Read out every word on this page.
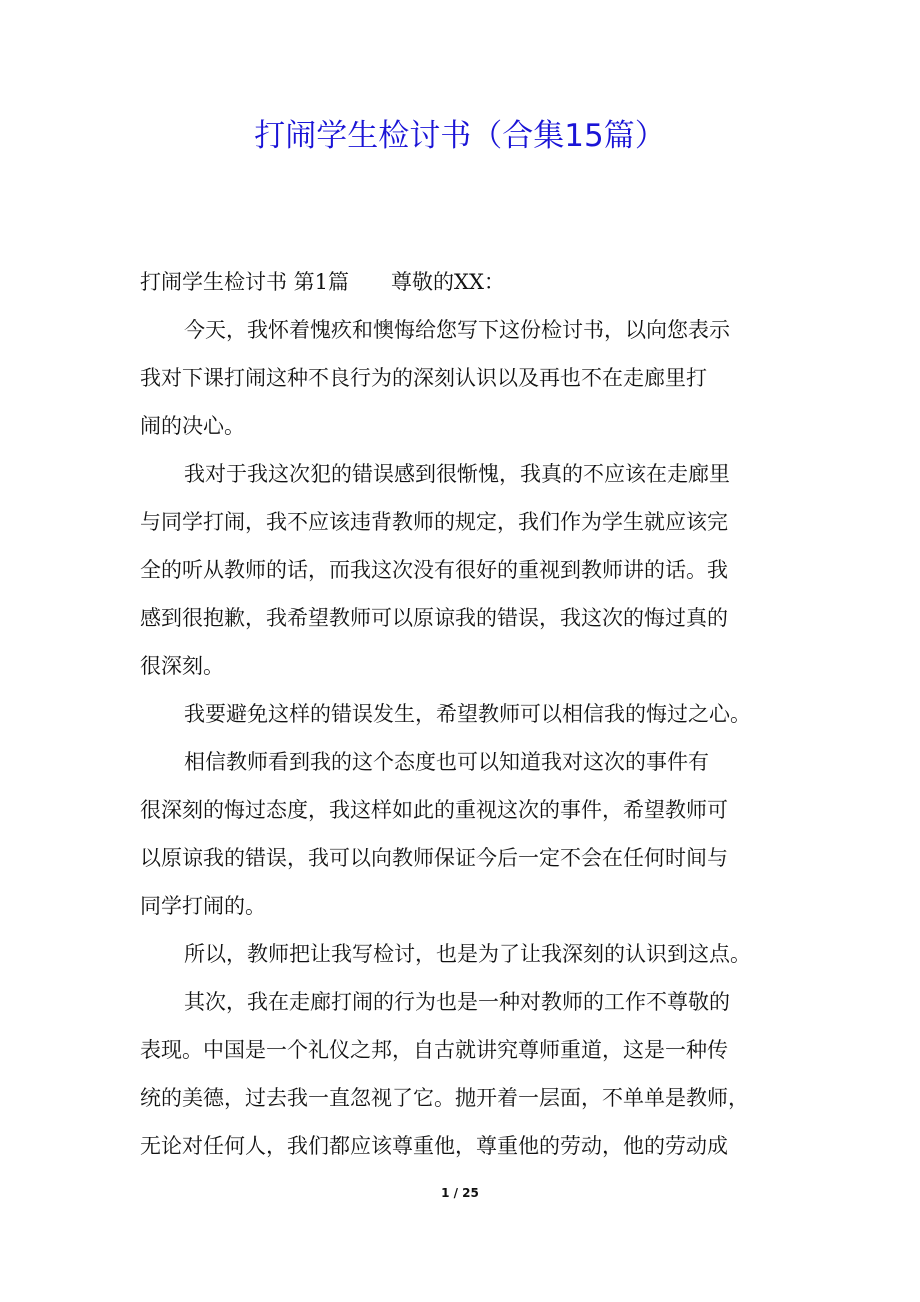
打闹学生检讨书（合集15篇）
打闹学生检讨书 第1篇　　尊敬的XX：
今天，我怀着愧疚和懊悔给您写下这份检讨书，以向您表示
我对下课打闹这种不良行为的深刻认识以及再也不在走廊里打
闹的决心。
我对于我这次犯的错误感到很惭愧，我真的不应该在走廊里
与同学打闹，我不应该违背教师的规定，我们作为学生就应该完
全的听从教师的话，而我这次没有很好的重视到教师讲的话。我
感到很抱歉，我希望教师可以原谅我的错误，我这次的悔过真的
很深刻。
我要避免这样的错误发生，希望教师可以相信我的悔过之心。
相信教师看到我的这个态度也可以知道我对这次的事件有
很深刻的悔过态度，我这样如此的重视这次的事件，希望教师可
以原谅我的错误，我可以向教师保证今后一定不会在任何时间与
同学打闹的。
所以，教师把让我写检讨，也是为了让我深刻的认识到这点。
其次，我在走廊打闹的行为也是一种对教师的工作不尊敬的
表现。中国是一个礼仪之邦，自古就讲究尊师重道，这是一种传
统的美德，过去我一直忽视了它。抛开着一层面，不单单是教师，
无论对任何人，我们都应该尊重他，尊重他的劳动，他的劳动成
1 / 25
